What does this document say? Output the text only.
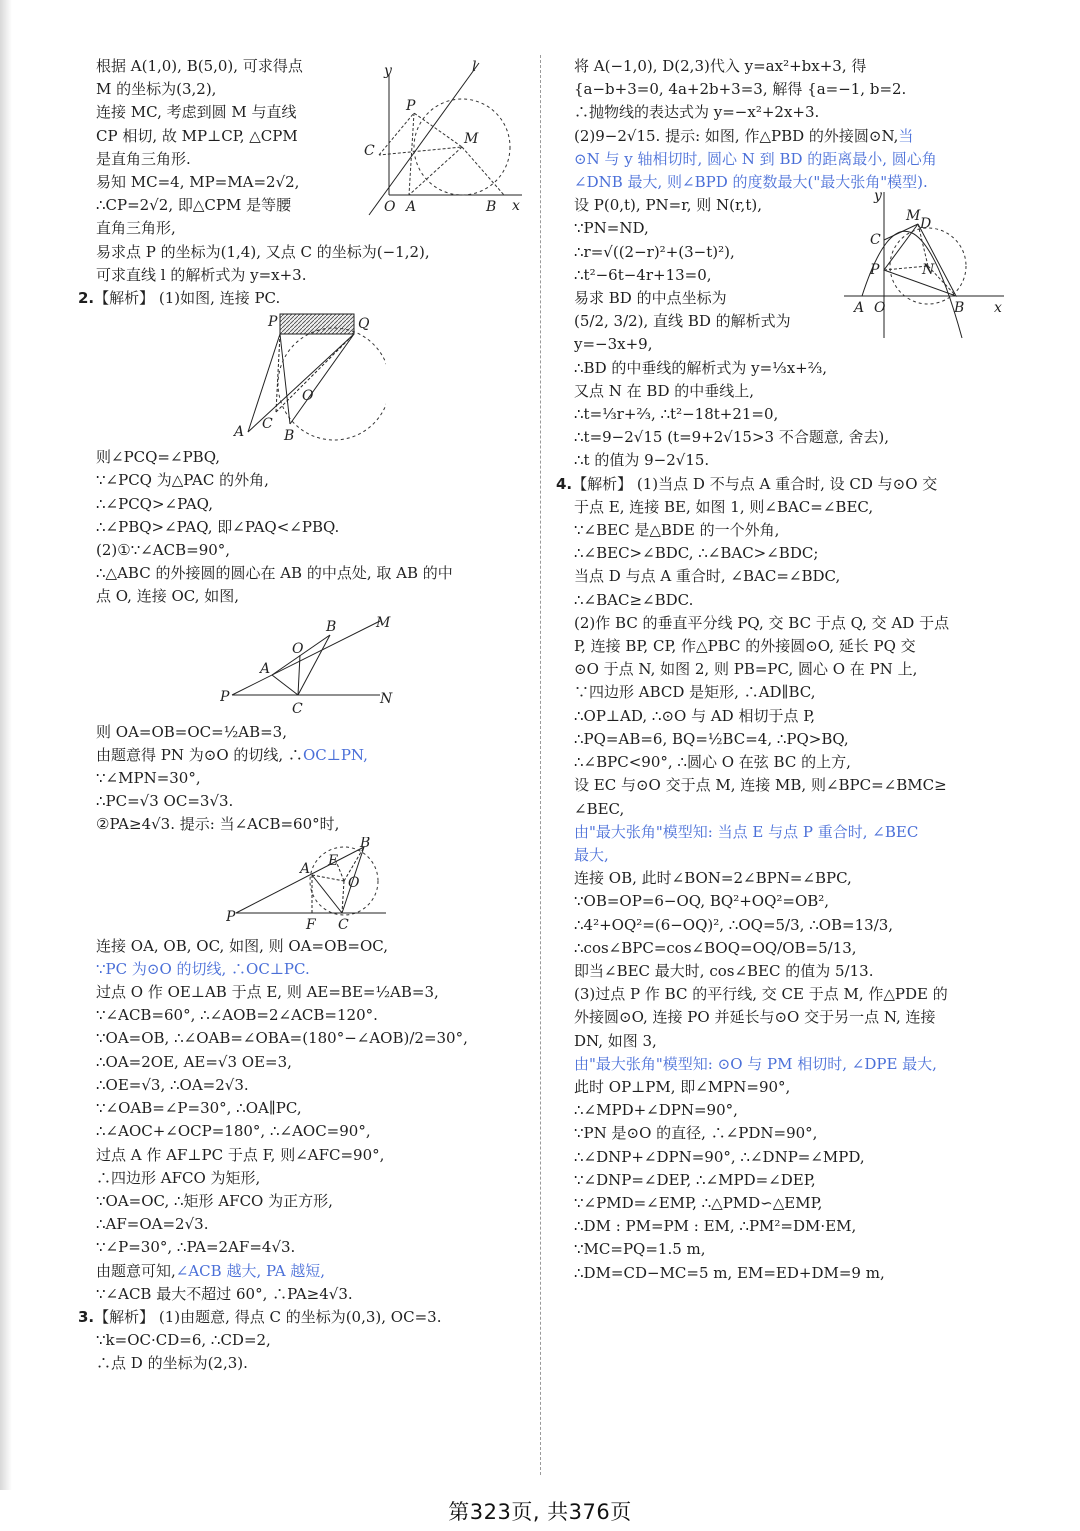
根据 A(1,0), B(5,0), 可求得点
M 的坐标为(3,2),
连接 MC, 考虑到圆 M 与直线
CP 相切, 故 MP⊥CP, △CPM
是直角三角形.
易知 MC=4, MP=MA=2√2,
∴CP=2√2, 即△CPM 是等腰
直角三角形,
y	l
P
M
C
O A	B x
易求点 P 的坐标为(1,4), 又点 C 的坐标为(−1,2),
可求直线 l 的解析式为 y=x+3.
2.【解析】 (1)如图, 连接 PC.
P	Q
O
A C
B
则∠PCQ=∠PBQ,
∵∠PCQ 为△PAC 的外角,
∴∠PCQ>∠PAQ,
∴∠PBQ>∠PAQ, 即∠PAQ<∠PBQ.
(2)①∵∠ACB=90°,
∴△ABC 的外接圆的圆心在 AB 的中点处, 取 AB 的中
点 O, 连接 OC, 如图,
M
B
O
A
P
C
N
则 OA=OB=OC=½AB=3,
由题意得 PN 为⊙O 的切线, ∴OC⊥PN,
∵∠MPN=30°,
∴PC=√3 OC=3√3.
②PA≥4√3. 提示: 当∠ACB=60°时,
B
A E
O
P	F C
连接 OA, OB, OC, 如图, 则 OA=OB=OC,
∵PC 为⊙O 的切线, ∴OC⊥PC.
过点 O 作 OE⊥AB 于点 E, 则 AE=BE=½AB=3,
∵∠ACB=60°, ∴∠AOB=2∠ACB=120°.
∵OA=OB, ∴∠OAB=∠OBA=(180°−∠AOB)/2=30°,
∴OA=2OE, AE=√3 OE=3,
∴OE=√3, ∴OA=2√3.
∵∠OAB=∠P=30°, ∴OA∥PC,
∴∠AOC+∠OCP=180°, ∴∠AOC=90°,
过点 A 作 AF⊥PC 于点 F, 则∠AFC=90°,
∴四边形 AFCO 为矩形,
∵OA=OC, ∴矩形 AFCO 为正方形,
∴AF=OA=2√3.
∵∠P=30°, ∴PA=2AF=4√3.
由题意可知,∠ACB 越大, PA 越短,
∵∠ACB 最大不超过 60°, ∴PA≥4√3.
3.【解析】 (1)由题意, 得点 C 的坐标为(0,3), OC=3.
∵k=OC·CD=6, ∴CD=2,
∴点 D 的坐标为(2,3).
将 A(−1,0), D(2,3)代入 y=ax²+bx+3, 得
{a−b+3=0, 4a+2b+3=3, 解得 {a=−1, b=2.
∴抛物线的表达式为 y=−x²+2x+3.
(2)9−2√15. 提示: 如图, 作△PBD 的外接圆⊙N,当
⊙N 与 y 轴相切时, 圆心 N 到 BD 的距离最小, 圆心角
∠DNB 最大, 则∠BPD 的度数最大("最大张角"模型).
设 P(0,t), PN=r, 则 N(r,t),
∵PN=ND,
∴r=√((2−r)²+(3−t)²),
∴t²−6t−4r+13=0,
易求 BD 的中点坐标为
(5/2, 3/2), 直线 BD 的解析式为
y=−3x+9,
y
M D
C
P	N
A O	B x
∴BD 的中垂线的解析式为 y=⅓x+⅔,
又点 N 在 BD 的中垂线上,
∴t=⅓r+⅔, ∴t²−18t+21=0,
∴t=9−2√15 (t=9+2√15>3 不合题意, 舍去),
∴t 的值为 9−2√15.
4.【解析】 (1)当点 D 不与点 A 重合时, 设 CD 与⊙O 交
于点 E, 连接 BE, 如图 1, 则∠BAC=∠BEC,
∵∠BEC 是△BDE 的一个外角,
∴∠BEC>∠BDC, ∴∠BAC>∠BDC;
当点 D 与点 A 重合时, ∠BAC=∠BDC,
∴∠BAC≥∠BDC.
(2)作 BC 的垂直平分线 PQ, 交 BC 于点 Q, 交 AD 于点
P, 连接 BP, CP, 作△PBC 的外接圆⊙O, 延长 PQ 交
⊙O 于点 N, 如图 2, 则 PB=PC, 圆心 O 在 PN 上,
∵四边形 ABCD 是矩形, ∴AD∥BC,
∴OP⊥AD, ∴⊙O 与 AD 相切于点 P,
∴PQ=AB=6, BQ=½BC=4, ∴PQ>BQ,
∴∠BPC<90°, ∴圆心 O 在弦 BC 的上方,
设 EC 与⊙O 交于点 M, 连接 MB, 则∠BPC=∠BMC≥
∠BEC,
由"最大张角"模型知: 当点 E 与点 P 重合时, ∠BEC
最大,
连接 OB, 此时∠BON=2∠BPN=∠BPC,
∵OB=OP=6−OQ, BQ²+OQ²=OB²,
∴4²+OQ²=(6−OQ)², ∴OQ=5/3, ∴OB=13/3,
∴cos∠BPC=cos∠BOQ=OQ/OB=5/13,
即当∠BEC 最大时, cos∠BEC 的值为 5/13.
(3)过点 P 作 BC 的平行线, 交 CE 于点 M, 作△PDE 的
外接圆⊙O, 连接 PO 并延长与⊙O 交于另一点 N, 连接
DN, 如图 3,
由"最大张角"模型知: ⊙O 与 PM 相切时, ∠DPE 最大,
此时 OP⊥PM, 即∠MPN=90°,
∴∠MPD+∠DPN=90°,
∵PN 是⊙O 的直径, ∴∠PDN=90°,
∴∠DNP+∠DPN=90°, ∴∠DNP=∠MPD,
∵∠DNP=∠DEP, ∴∠MPD=∠DEP,
∵∠PMD=∠EMP, ∴△PMD∽△EMP,
∴DM : PM=PM : EM, ∴PM²=DM·EM,
∵MC=PQ=1.5 m,
∴DM=CD−MC=5 m, EM=ED+DM=9 m,
第323页, 共376页
